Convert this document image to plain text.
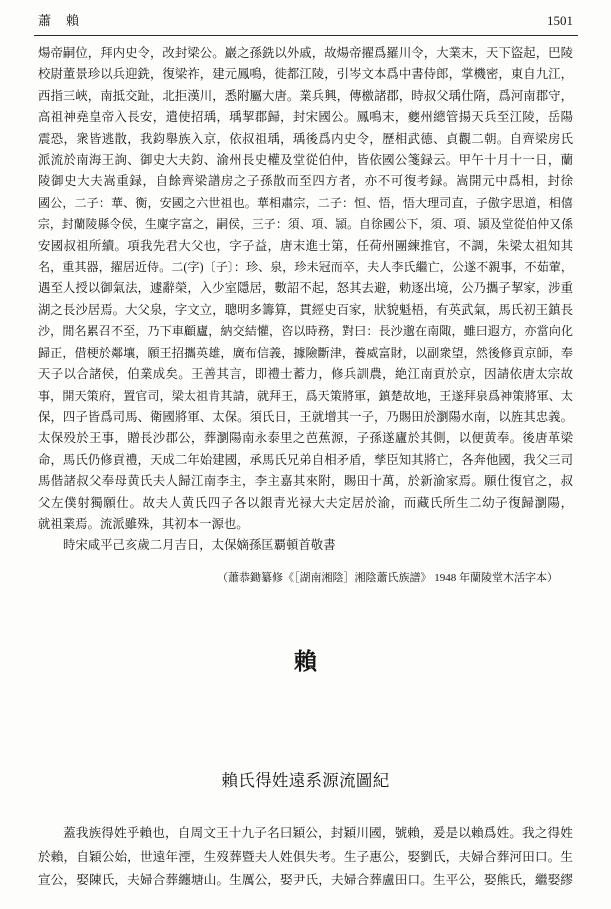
蕭　賴	1501
煬帝嗣位，拜内史令，改封梁公。巖之孫銑以外戚，故煬帝擢爲羅川令，大業末，天下盜起，巴陵
校尉董景珍以兵迎銑，復梁祚，建元鳳鳴，徙都江陵，引岑文本爲中書侍郎，掌機密，東自九江，
西指三峽，南抵交趾，北拒漢川，悉附屬大唐。業兵興，傳檄諸郡，時叔父瑀仕隋，爲河南郡守，
高祖神堯皇帝入長安，遣使招瑀，瑀挈郡歸，封宋國公。鳳鳴末，夔州總管揚天兵至江陵，岳陽
震恐，衆皆逃散，我鈞舉族入京，依叔祖瑀，瑀後爲内史令，歷相武德、貞觀二朝。自齊梁房氏
派流於南海王詢、御史大夫鈞、渝州長史權及堂從伯仲，皆依國公箋録云。甲午十月十一日，蘭
陵御史大夫嵩重録，自餘齊梁譜房之子孫散而至四方者，亦不可復考録。嵩開元中爲相，封徐
國公，二子：華、衡，安國之六世祖也。華相肅宗，二子：恒、悟，悟大理司直，子傲字思道，相僖
宗，封蘭陵縣令侯，生廩字富之，嗣侯，三子：須、項、頴。自徐國公下，須、項、頴及堂從伯仲又係
安國叔祖所續。項我先君大父也，字子益，唐末進士第，任荷州團練推官，不調，朱梁太祖知其
名，重其器，擢居近侍。二(字)〔子〕：珍、泉，珍未冠而卒，夫人李氏繼亡，公遂不親事，不茹葷，
遇至人授以御氣法，遽辭榮，入少室隱居，數詔不起，怒其去避，勅逐出境，公乃攜子挈家，涉重
湖之長沙居焉。大父泉，字文立，聰明多籌算，貫經史百家，狀貌魁梧，有英武氣，馬氏初王鎮長
沙，閒名累召不至，乃下車顧廬，納交結懽，咨以時務，對曰：長沙邈在南陬，雖曰遐方，亦當向化
歸正，借梗於鄰壤，願王招攜英雄，廣布信義，據險斷津，養威富財，以副衆望，然後修貢京師，奉
天子以合諸侯，伯業成矣。王善其言，即禮士蓄力，修兵訓農，絶江南貢於京，因請依唐太宗故
事，開天策府，置官司，梁太祖肯其請，就拜王，爲天策將軍，鎮楚故地，王遂拜泉爲神策將軍、太
保，四子皆爲司馬、衛國將軍、太保。須氏日，王就增其一子，乃賜田於瀏陽水南，以旌其忠義。
太保殁於王事，贈長沙郡公，葬瀏陽南永泰里之芭蕉源，子孫遂廬於其側，以便黄奉。後唐革梁
命，馬氏仍修貢禮，天成二年始建國，承馬氏兄弟自相矛盾，孳臣知其將亡，各奔他國，我父三司
馬偕諸叔父奉母黄氏夫人歸江南李主，李主嘉其來附，賜田十萬，於新渝家焉。願仕復官之，叔
父左僕射獨願仕。故夫人黄氏四子各以銀青光禄大夫定居於渝，而藏氏所生二幼子復歸瀏陽，
就祖業焉。流派雖殊，其初本一源也。
時宋咸平己亥歲二月吉日，太保嫡孫匡覇頓首敬書
（蕭恭鋤纂修《［湖南湘陰］湘陰蕭氏族譜》 1948 年蘭陵堂木活字本）
賴
賴氏得姓遠系源流圖紀
蓋我族得姓乎賴也，自周文王十九子名曰穎公，封穎川國，號賴，爰是以賴爲姓。我之得姓
於賴，自穎公始，世遠年湮，生歿葬暨夫人姓俱失考。生子惠公，娶劉氏，夫婦合葬河田口。生
宣公，娶陳氏，夫婦合葬纏塘山。生厲公，娶尹氏，夫婦合葬盧田口。生平公，娶熊氏，繼娶繆
